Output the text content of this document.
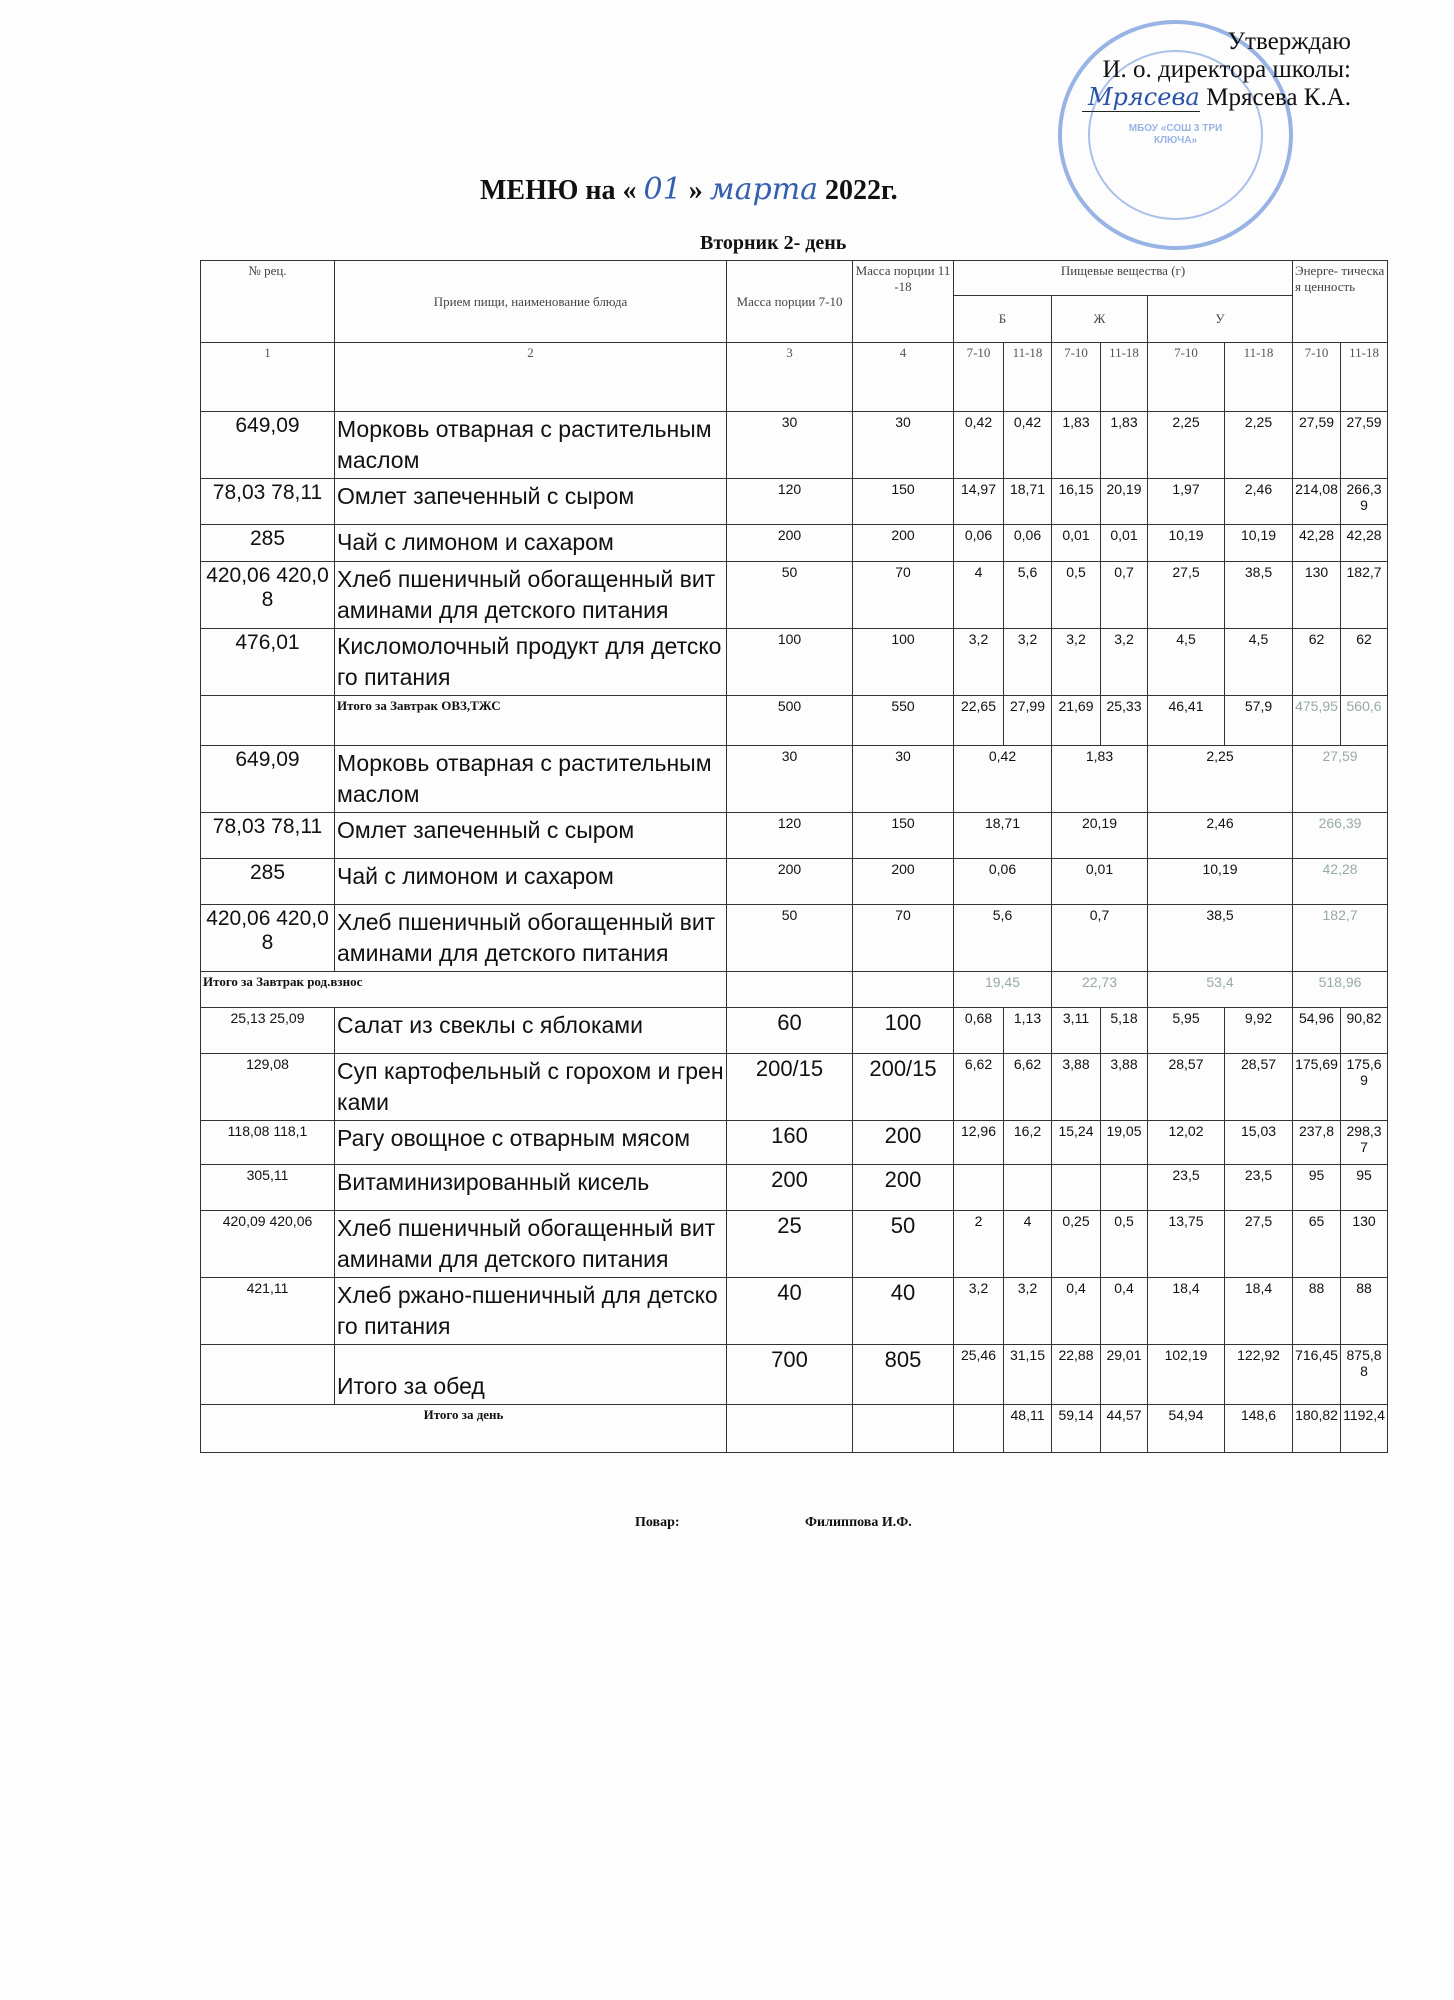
МБОУ «СОШ 3 ТРИ КЛЮЧА»
Утверждаю
И. о. директора школы:
Мрясева Мрясева К.А.
МЕНЮ на « 01 » марта 2022г.
Вторник 2- день
№ рец.	Прием пищи, наименование блюда	Масса порции 7-10	Масса порции 11-18	Пищевые вещества (г)						Энерге- тическая ценность	
				Б		Ж		У			
1	2	3	4	7-10	11-18	7-10	11-18	7-10	11-18	7-10	11-18
649,09	Морковь отварная с растительным маслом	30	30	0,42	0,42	1,83	1,83	2,25	2,25	27,59	27,59
78,03 78,11	Омлет запеченный с сыром	120	150	14,97	18,71	16,15	20,19	1,97	2,46	214,08	266,39
285	Чай с лимоном и сахаром	200	200	0,06	0,06	0,01	0,01	10,19	10,19	42,28	42,28
420,06 420,08	Хлеб пшеничный обогащенный витаминами для детского питания	50	70	4	5,6	0,5	0,7	27,5	38,5	130	182,7
476,01	Кисломолочный продукт для детского питания	100	100	3,2	3,2	3,2	3,2	4,5	4,5	62	62
	Итого за Завтрак ОВЗ,ТЖС	500	550	22,65	27,99	21,69	25,33	46,41	57,9	475,95	560,6
649,09	Морковь отварная с растительным маслом	30	30	0,42		1,83		2,25		27,59	
78,03 78,11	Омлет запеченный с сыром	120	150	18,71		20,19		2,46		266,39	
285	Чай с лимоном и сахаром	200	200	0,06		0,01		10,19		42,28	
420,06 420,08	Хлеб пшеничный обогащенный витаминами для детского питания	50	70	5,6		0,7		38,5		182,7	
Итого за Завтрак род.взнос				19,45		22,73		53,4		518,96	
25,13 25,09	Салат из свеклы с яблоками	60	100	0,68	1,13	3,11	5,18	5,95	9,92	54,96	90,82
129,08	Суп картофельный с горохом и гренками	200/15	200/15	6,62	6,62	3,88	3,88	28,57	28,57	175,69	175,69
118,08 118,1	Рагу овощное с отварным мясом	160	200	12,96	16,2	15,24	19,05	12,02	15,03	237,8	298,37
305,11	Витаминизированный кисель	200	200					23,5	23,5	95	95
420,09 420,06	Хлеб пшеничный обогащенный витаминами для детского питания	25	50	2	4	0,25	0,5	13,75	27,5	65	130
421,11	Хлеб ржано-пшеничный для детского питания	40	40	3,2	3,2	0,4	0,4	18,4	18,4	88	88
	Итого за обед	700	805	25,46	31,15	22,88	29,01	102,19	122,92	716,45	875,88
Итого за день					48,11	59,14	44,57	54,94	148,6	180,82	1192,4
Повар:	Филиппова И.Ф.
